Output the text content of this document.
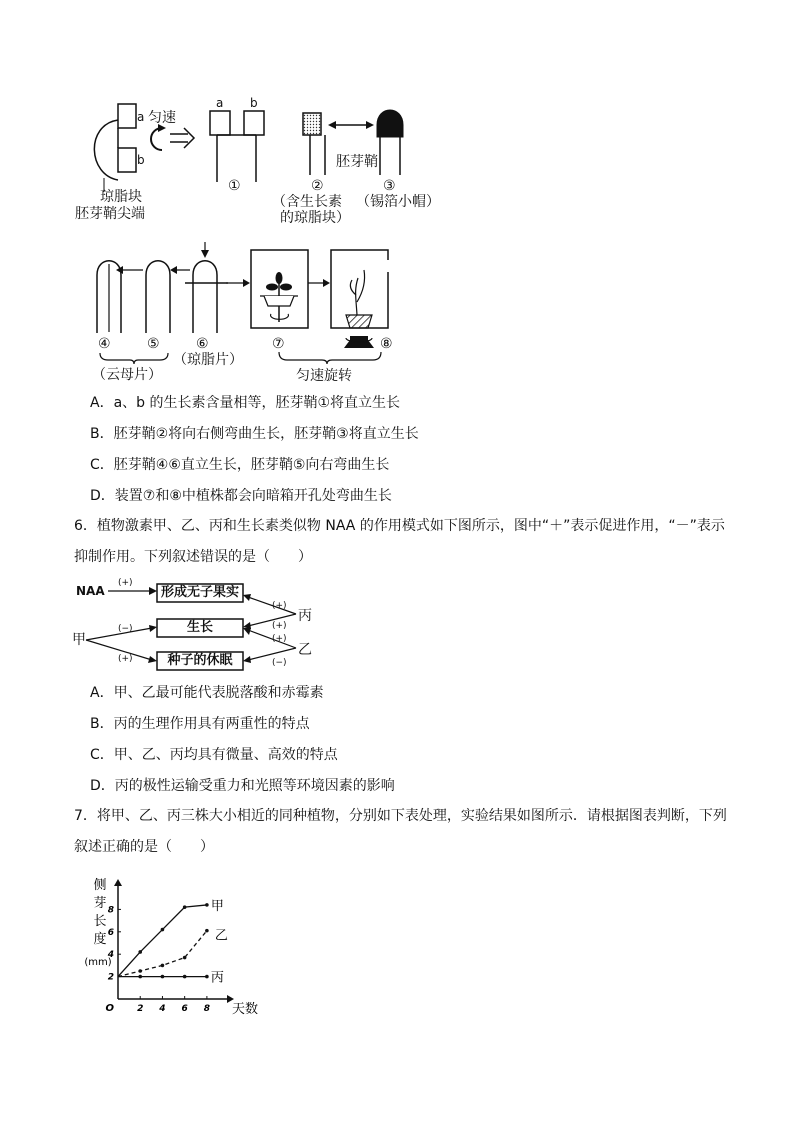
a 匀速
b
琼脂块
胚芽鞘尖端
a b
①
胚芽鞘
②	③
（含生长素 （锡箔小帽）
的琼脂块）
④	⑤	⑥	⑦	⑧
（琼脂片）
（云母片）	匀速旋转
A．a、b 的生长素含量相等，胚芽鞘①将直立生长
B．胚芽鞘②将向右侧弯曲生长，胚芽鞘③将直立生长
C．胚芽鞘④⑥直立生长，胚芽鞘⑤向右弯曲生长
D．装置⑦和⑧中植株都会向暗箱开孔处弯曲生长
6．植物激素甲、乙、丙和生长素类似物 NAA 的作用模式如下图所示，图中“＋”表示促进作用，“－”表示抑制作用。下列叙述错误的是（　　）
NAA
(+)
形成无子果实
生长
种子的休眠
甲
(−)
(+)
丙
(+)
(+)
乙
(+)
(−)
A．甲、乙最可能代表脱落酸和赤霉素
B．丙的生理作用具有两重性的特点
C．甲、乙、丙均具有微量、高效的特点
D．丙的极性运输受重力和光照等环境因素的影响
7．将甲、乙、丙三株大小相近的同种植物，分别如下表处理，实验结果如图所示．请根据图表判断，下列叙述正确的是（　　）
2 4 6 8
2
4
6
8
O	天数
侧
芽
长
度
(mm)
甲
乙
丙
